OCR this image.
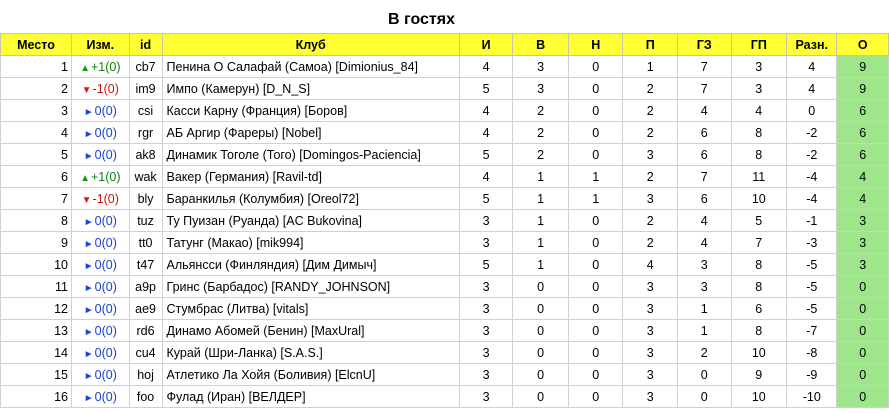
В гостях
Место	Изм.	id	Клуб	И	В	Н	П	ГЗ	ГП	Разн.	О
1	▲+1(0)	cb7	Пенина О Салафай (Самоа) [Dimionius_84]	4	3	0	1	7	3	4	9
2	▼-1(0)	im9	Импо (Камерун) [D_N_S]	5	3	0	2	7	3	4	9
3	►0(0)	csi	Касси Карну (Франция) [Боров]	4	2	0	2	4	4	0	6
4	►0(0)	rgr	АБ Аргир (Фареры) [Nobel]	4	2	0	2	6	8	-2	6
5	►0(0)	ak8	Динамик Тоголе (Того) [Domingos-Paciencia]	5	2	0	3	6	8	-2	6
6	▲+1(0)	wak	Вакер (Германия) [Ravil-td]	4	1	1	2	7	11	-4	4
7	▼-1(0)	bly	Баранкилья (Колумбия) [Oreol72]	5	1	1	3	6	10	-4	4
8	►0(0)	tuz	Ту Пуизан (Руанда) [AC Bukovina]	3	1	0	2	4	5	-1	3
9	►0(0)	tt0	Татунг (Макао) [mik994]	3	1	0	2	4	7	-3	3
10	►0(0)	t47	Альянсси (Финляндия) [Дим Димыч]	5	1	0	4	3	8	-5	3
11	►0(0)	a9p	Гринс (Барбадос) [RANDY_JOHNSON]	3	0	0	3	3	8	-5	0
12	►0(0)	ae9	Стумбрас (Литва) [vitals]	3	0	0	3	1	6	-5	0
13	►0(0)	rd6	Динамо Абомей (Бенин) [MaxUral]	3	0	0	3	1	8	-7	0
14	►0(0)	cu4	Курай (Шри-Ланка) [S.A.S.]	3	0	0	3	2	10	-8	0
15	►0(0)	hoj	Атлетико Ла Хойя (Боливия) [ElcnU]	3	0	0	3	0	9	-9	0
16	►0(0)	foo	Фулад (Иран) [ВЕЛДЕР]	3	0	0	3	0	10	-10	0
